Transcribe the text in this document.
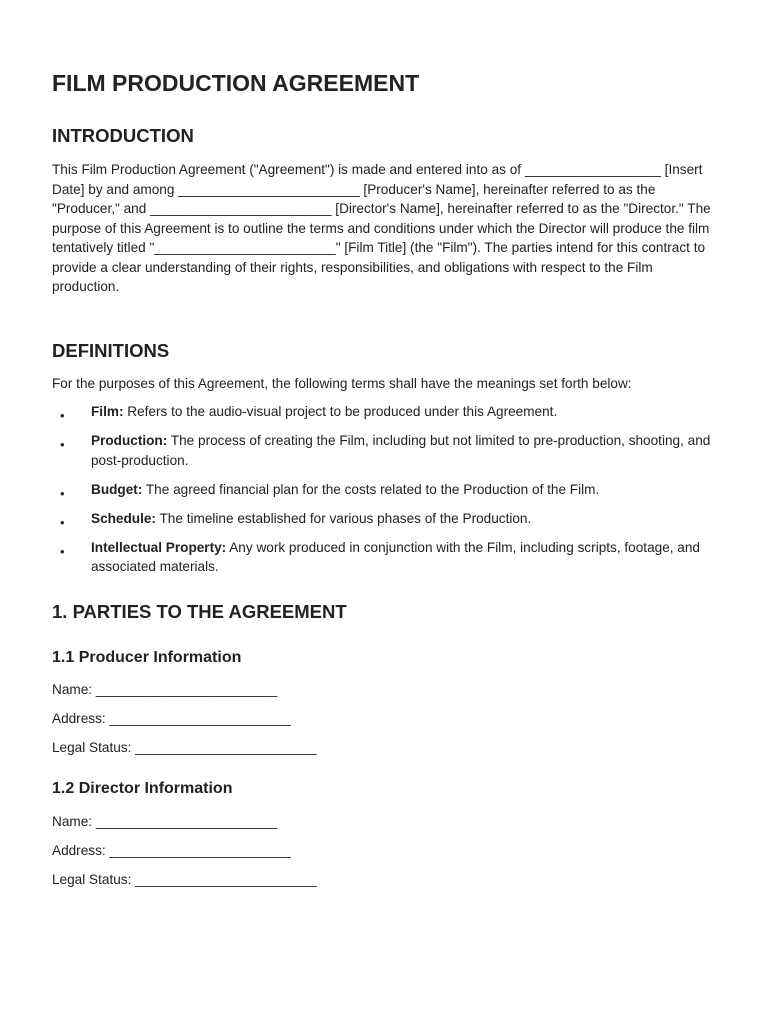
FILM PRODUCTION AGREEMENT
INTRODUCTION

This Film Production Agreement ("Agreement") is made and entered into as of __________________ [Insert Date] by and among ________________________ [Producer's Name], hereinafter referred to as the "Producer," and ________________________ [Director's Name], hereinafter referred to as the "Director." The purpose of this Agreement is to outline the terms and conditions under which the Director will produce the film tentatively titled "________________________" [Film Title] (the "Film"). The parties intend for this contract to provide a clear understanding of their rights, responsibilities, and obligations with respect to the Film production.

DEFINITIONS

For the purposes of this Agreement, the following terms shall have the meanings set forth below:

• Film: Refers to the audio-visual project to be produced under this Agreement.
• Production: The process of creating the Film, including but not limited to pre-production, shooting, and post-production.
• Budget: The agreed financial plan for the costs related to the Production of the Film.
• Schedule: The timeline established for various phases of the Production.
• Intellectual Property: Any work produced in conjunction with the Film, including scripts, footage, and associated materials.
1. PARTIES TO THE AGREEMENT
1.1 Producer Information

Name: ________________________

Address: ________________________

Legal Status: ________________________

1.2 Director Information

Name: ________________________

Address: ________________________

Legal Status: ________________________
